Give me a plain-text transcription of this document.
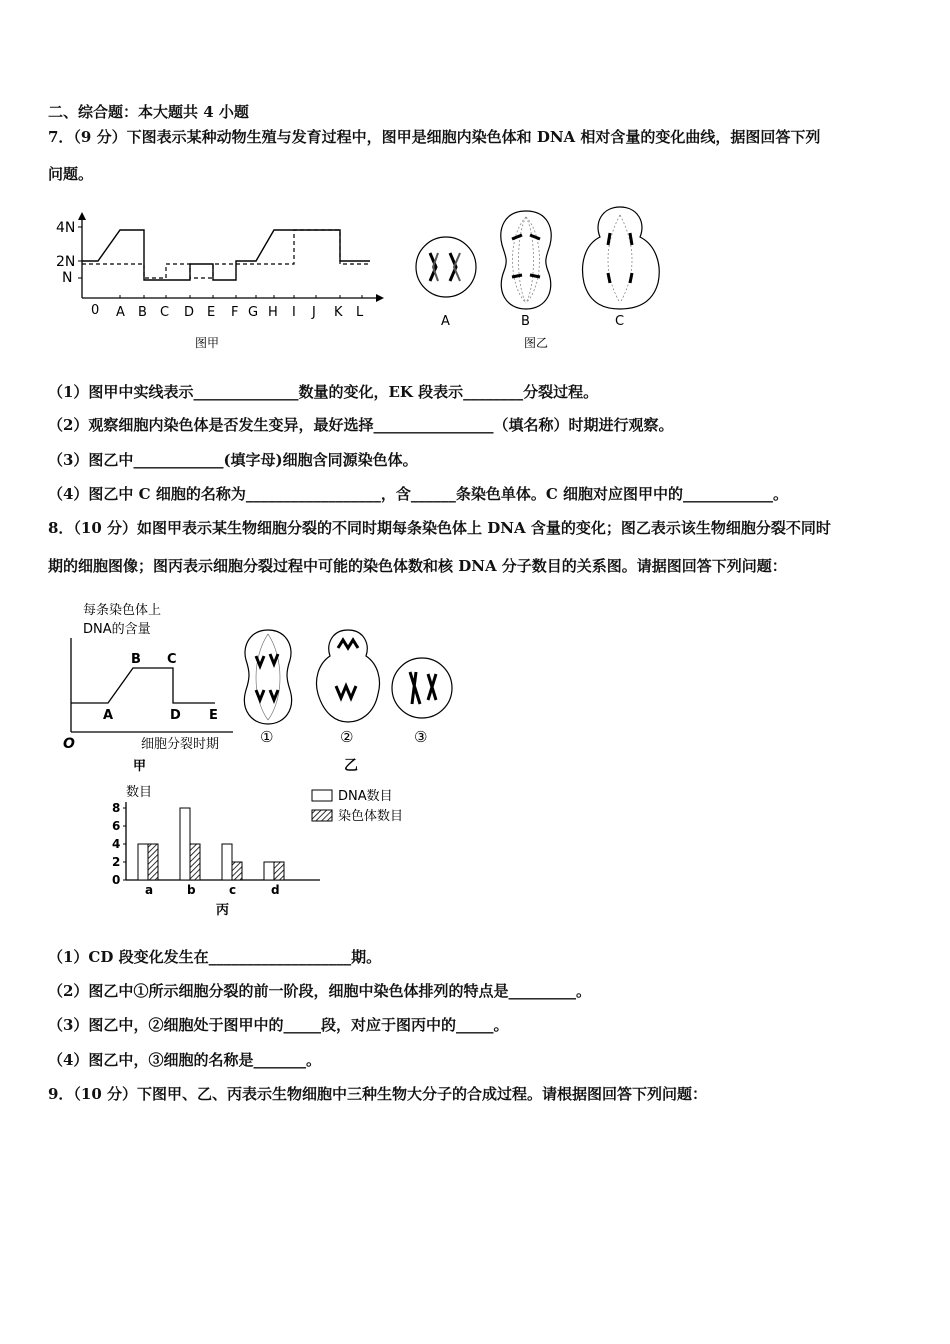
二、综合题：本大题共 4 小题
7．（9 分）下图表示某种动物生殖与发育过程中，图甲是细胞内染色体和 DNA 相对含量的变化曲线，据图回答下列
问题。
4N
2N
N
0 A B C D E F G H I J K L
图甲
A	B	C
图乙
（1）图甲中实线表示______________数量的变化，EK 段表示________分裂过程。
（2）观察细胞内染色体是否发生变异，最好选择________________（填名称）时期进行观察。
（3）图乙中____________(填字母)细胞含同源染色体。
（4）图乙中 C 细胞的名称为__________________，含______条染色单体。C 细胞对应图甲中的____________。
8．（10 分）如图甲表示某生物细胞分裂的不同时期每条染色体上 DNA 含量的变化；图乙表示该生物细胞分裂不同时
期的细胞图像；图丙表示细胞分裂过程中可能的染色体数和核 DNA 分子数目的关系图。请据图回答下列问题：
每条染色体上
DNA的含量
A
B C
D E
O	细胞分裂时期
甲
①	②	③
乙
数目
0
2
4
6
8
a	b	c	d
DNA数目
染色体数目
丙
（1）CD 段变化发生在___________________期。
（2）图乙中①所示细胞分裂的前一阶段，细胞中染色体排列的特点是_________。
（3）图乙中，②细胞处于图甲中的_____段，对应于图丙中的_____。
（4）图乙中，③细胞的名称是_______。
9．（10 分）下图甲、乙、丙表示生物细胞中三种生物大分子的合成过程。请根据图回答下列问题：
